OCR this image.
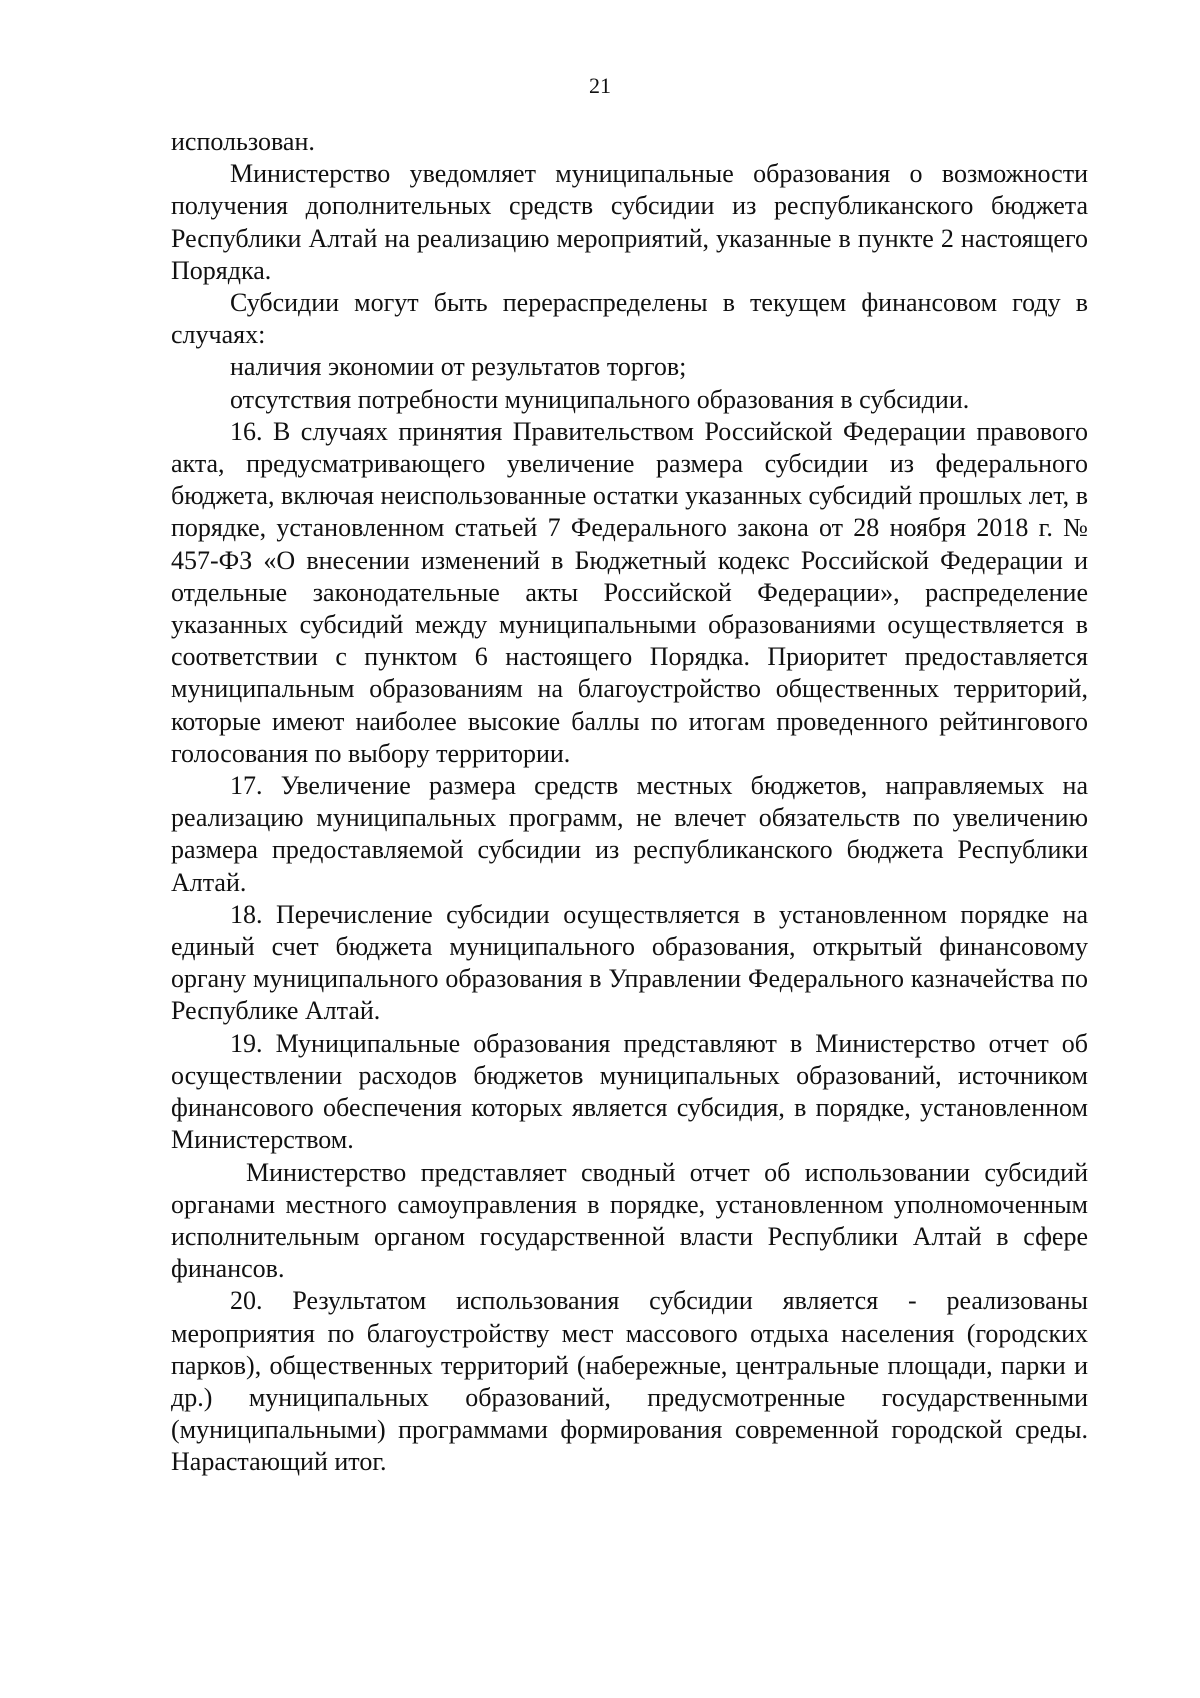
21

использован.

Министерство уведомляет муниципальные образования о возможности получения дополнительных средств субсидии из республиканского бюджета Республики Алтай на реализацию мероприятий, указанные в пункте 2 настоящего Порядка.

Субсидии могут быть перераспределены в текущем финансовом году в случаях:

наличия экономии от результатов торгов;

отсутствия потребности муниципального образования в субсидии.

16. В случаях принятия Правительством Российской Федерации правового акта, предусматривающего увеличение размера субсидии из федерального бюджета, включая неиспользованные остатки указанных субсидий прошлых лет, в порядке, установленном статьей 7 Федерального закона от 28 ноября 2018 г. № 457-ФЗ «О внесении изменений в Бюджетный кодекс Российской Федерации и отдельные законодательные акты Российской Федерации», распределение указанных субсидий между муниципальными образованиями осуществляется в соответствии с пунктом 6 настоящего Порядка. Приоритет предоставляется муниципальным образованиям на благоустройство общественных территорий, которые имеют наиболее высокие баллы по итогам проведенного рейтингового голосования по выбору территории.

17. Увеличение размера средств местных бюджетов, направляемых на реализацию муниципальных программ, не влечет обязательств по увеличению размера предоставляемой субсидии из республиканского бюджета Республики Алтай.

18. Перечисление субсидии осуществляется в установленном порядке на единый счет бюджета муниципального образования, открытый финансовому органу муниципального образования в Управлении Федерального казначейства по Республике Алтай.

19. Муниципальные образования представляют в Министерство отчет об осуществлении расходов бюджетов муниципальных образований, источником финансового обеспечения которых является субсидия, в порядке, установленном Министерством.

Министерство представляет сводный отчет об использовании субсидий органами местного самоуправления в порядке, установленном уполномоченным исполнительным органом государственной власти Республики Алтай в сфере финансов.

20. Результатом использования субсидии является - реализованы мероприятия по благоустройству мест массового отдыха населения (городских парков), общественных территорий (набережные, центральные площади, парки и др.) муниципальных образований, предусмотренные государственными (муниципальными) программами формирования современной городской среды. Нарастающий итог.
